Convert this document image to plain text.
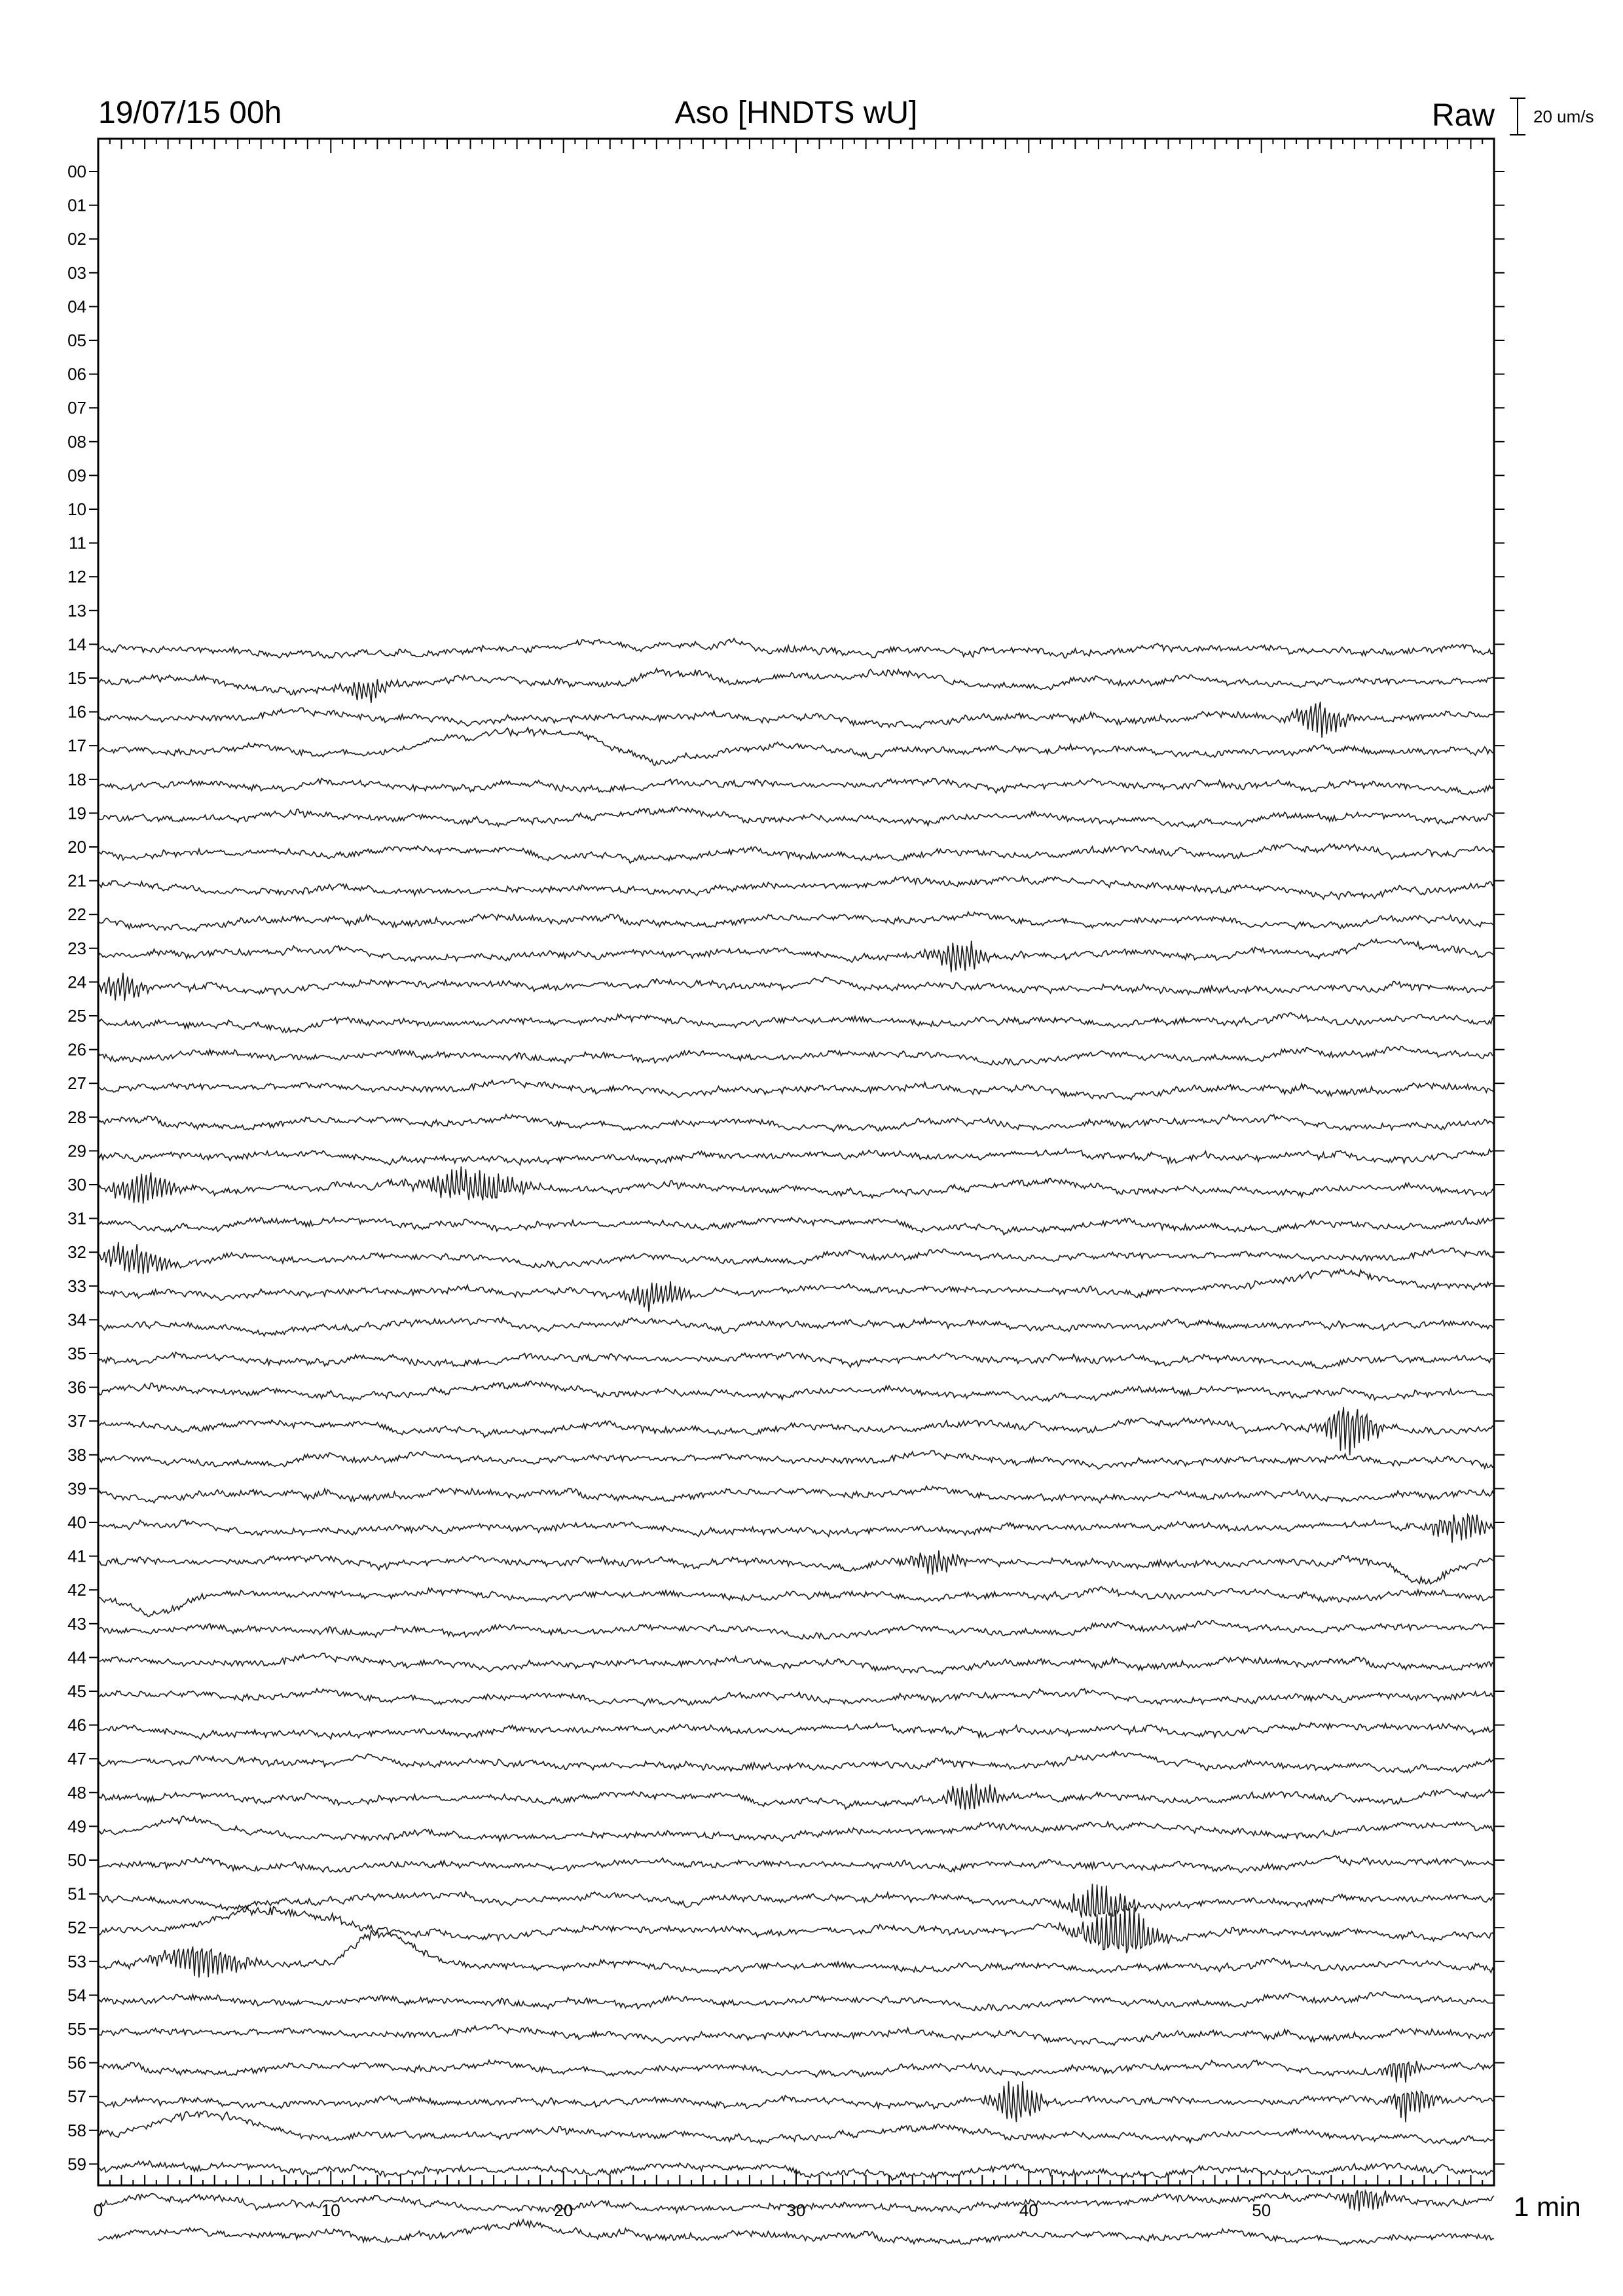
19/07/15 00h	Aso [HNDTS wU]	Raw 20 um/s
0	10	20	30	40	50	1 min
00
01
02
03
04
05
06
07
08
09
10
11
12
13
14
15
16
17
18
19
20
21
22
23
24
25
26
27
28
29
30
31
32
33
34
35
36
37
38
39
40
41
42
43
44
45
46
47
48
49
50
51
52
53
54
55
56
57
58
59
